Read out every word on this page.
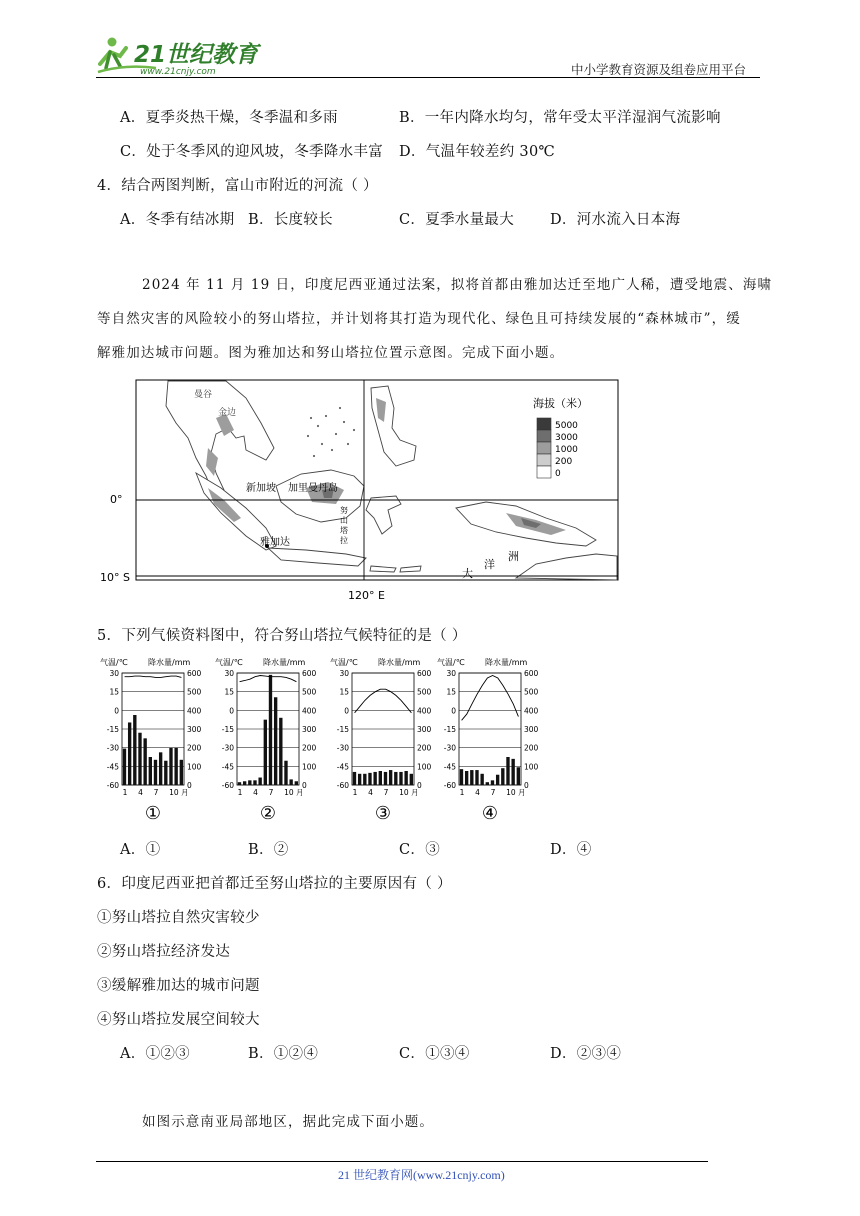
21世纪教育
www.21cnjy.com	中小学教育资源及组卷应用平台
A．夏季炎热干燥，冬季温和多雨	B．一年内降水均匀，常年受太平洋湿润气流影响
C．处于冬季风的迎风坡，冬季降水丰富 D．气温年较差约 30℃
4．结合两图判断，富山市附近的河流（ ）
A．冬季有结冰期 B．长度较长	C．夏季水量最大 D．河水流入日本海
2024 年 11 月 19 日，印度尼西亚通过法案，拟将首都由雅加达迁至地广人稀，遭受地震、海啸
等自然灾害的风险较小的努山塔拉，并计划将其打造为现代化、绿色且可持续发展的“森林城市”，缓
解雅加达城市问题。图为雅加达和努山塔拉位置示意图。完成下面小题。
0°
10° S
120° E
曼谷
金边
新加坡 加里曼丹岛
努
山
塔
拉
雅加达
洋
洲
大
海拔（米）
5000
3000
1000
200
0
5．下列气候资料图中，符合努山塔拉气候特征的是（ ）
气温/℃	降水量/mm
30	600
15	500
0	400
-15	300
-30	200
-45	100
-60	0
1 4 7 10 月
①
气温/℃	降水量/mm
30	600
15	500
0	400
-15	300
-30	200
-45	100
-60	0
1 4 7 10 月
②
气温/℃	降水量/mm
30	600
15	500
0	400
-15	300
-30	200
-45	100
-60	0
1 4 7 10 月
③
气温/℃	降水量/mm
30	600
15	500
0	400
-15	300
-30	200
-45	100
-60	0
1 4 7 10 月
④
A．①	B．②	C．③	D．④
6．印度尼西亚把首都迁至努山塔拉的主要原因有（ ）
①努山塔拉自然灾害较少
②努山塔拉经济发达
③缓解雅加达的城市问题
④努山塔拉发展空间较大
A．①②③	B．①②④	C．①③④	D．②③④
如图示意南亚局部地区，据此完成下面小题。
21 世纪教育网(www.21cnjy.com)
